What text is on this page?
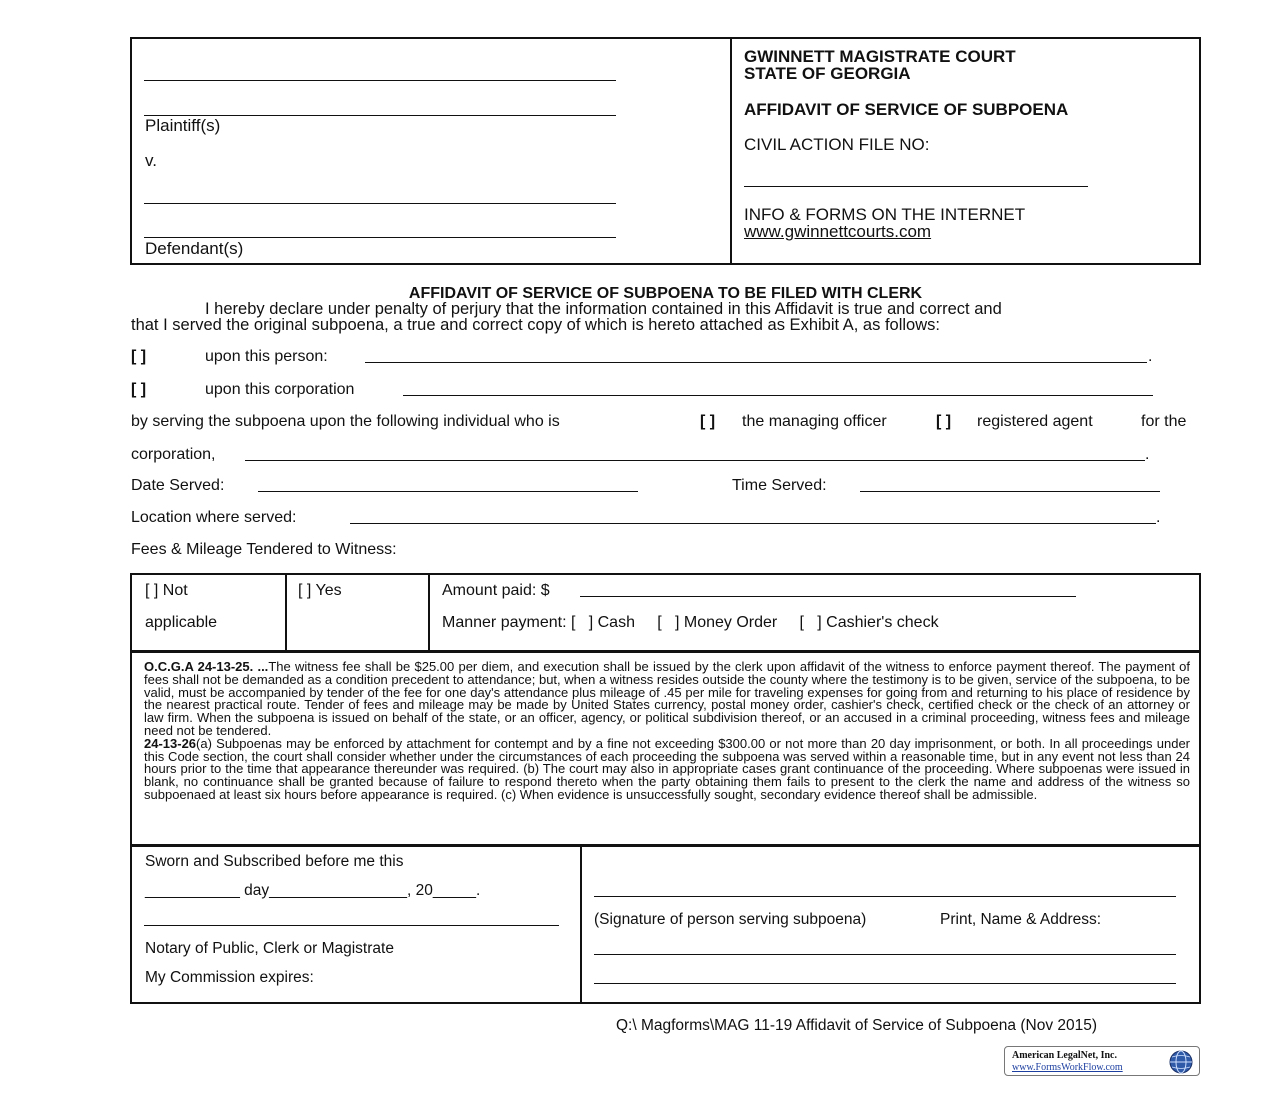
Plaintiff(s)
v.
Defendant(s)
GWINNETT MAGISTRATE COURT
STATE OF GEORGIA
AFFIDAVIT OF SERVICE OF SUBPOENA
CIVIL ACTION FILE NO:
INFO & FORMS ON THE INTERNET
www.gwinnettcourts.com
AFFIDAVIT OF SERVICE OF SUBPOENA TO BE FILED WITH CLERK
I hereby declare under penalty of perjury that the information contained in this Affidavit is true and correct and
that I served the original subpoena, a true and correct copy of which is hereto attached as Exhibit A, as follows:
[ ]	upon this person:	.
[ ]	upon this corporation
by serving the subpoena upon the following individual who is	[ ] the managing officer	[ ] registered agent	for the
corporation,	.
Date Served:	Time Served:
Location where served:	.
Fees & Mileage Tendered to Witness:
[ ] Not
applicable
[ ] Yes	Amount paid: $
Manner payment: [   ] Cash     [   ] Money Order     [   ] Cashier's check

O.C.G.A 24-13-25. ...The witness fee shall be $25.00 per diem, and execution shall be issued by the clerk upon affidavit of the witness to enforce payment thereof. The payment of fees shall not be demanded as a condition precedent to attendance; but, when a witness resides outside the county where the testimony is to be given, service of the subpoena, to be valid, must be accompanied by tender of the fee for one day's attendance plus mileage of .45 per mile for traveling expenses for going from and returning to his place of residence by the nearest practical route. Tender of fees and mileage may be made by United States currency, postal money order, cashier's check, certified check or the check of an attorney or law firm. When the subpoena is issued on behalf of the state, or an officer, agency, or political subdivision thereof, or an accused in a criminal proceeding, witness fees and mileage need not be tendered.

24-13-26(a) Subpoenas may be enforced by attachment for contempt and by a fine not exceeding $300.00 or not more than 20 day imprisonment, or both. In all proceedings under this Code section, the court shall consider whether under the circumstances of each proceeding the subpoena was served within a reasonable time, but in any event not less than 24 hours prior to the time that appearance thereunder was required. (b) The court may also in appropriate cases grant continuance of the proceeding. Where subpoenas were issued in blank, no continuance shall be granted because of failure to respond thereto when the party obtaining them fails to present to the clerk the name and address of the witness so subpoenaed at least six hours before appearance is required. (c) When evidence is unsuccessfully sought, secondary evidence thereof shall be admissible.

Sworn and Subscribed before me this
___________ day________________, 20_____.
Notary of Public, Clerk or Magistrate
My Commission expires:
(Signature of person serving subpoena)	Print, Name & Address:
Q:\ Magforms\MAG 11-19 Affidavit of Service of Subpoena (Nov 2015)
American LegalNet, Inc.
www.FormsWorkFlow.com
